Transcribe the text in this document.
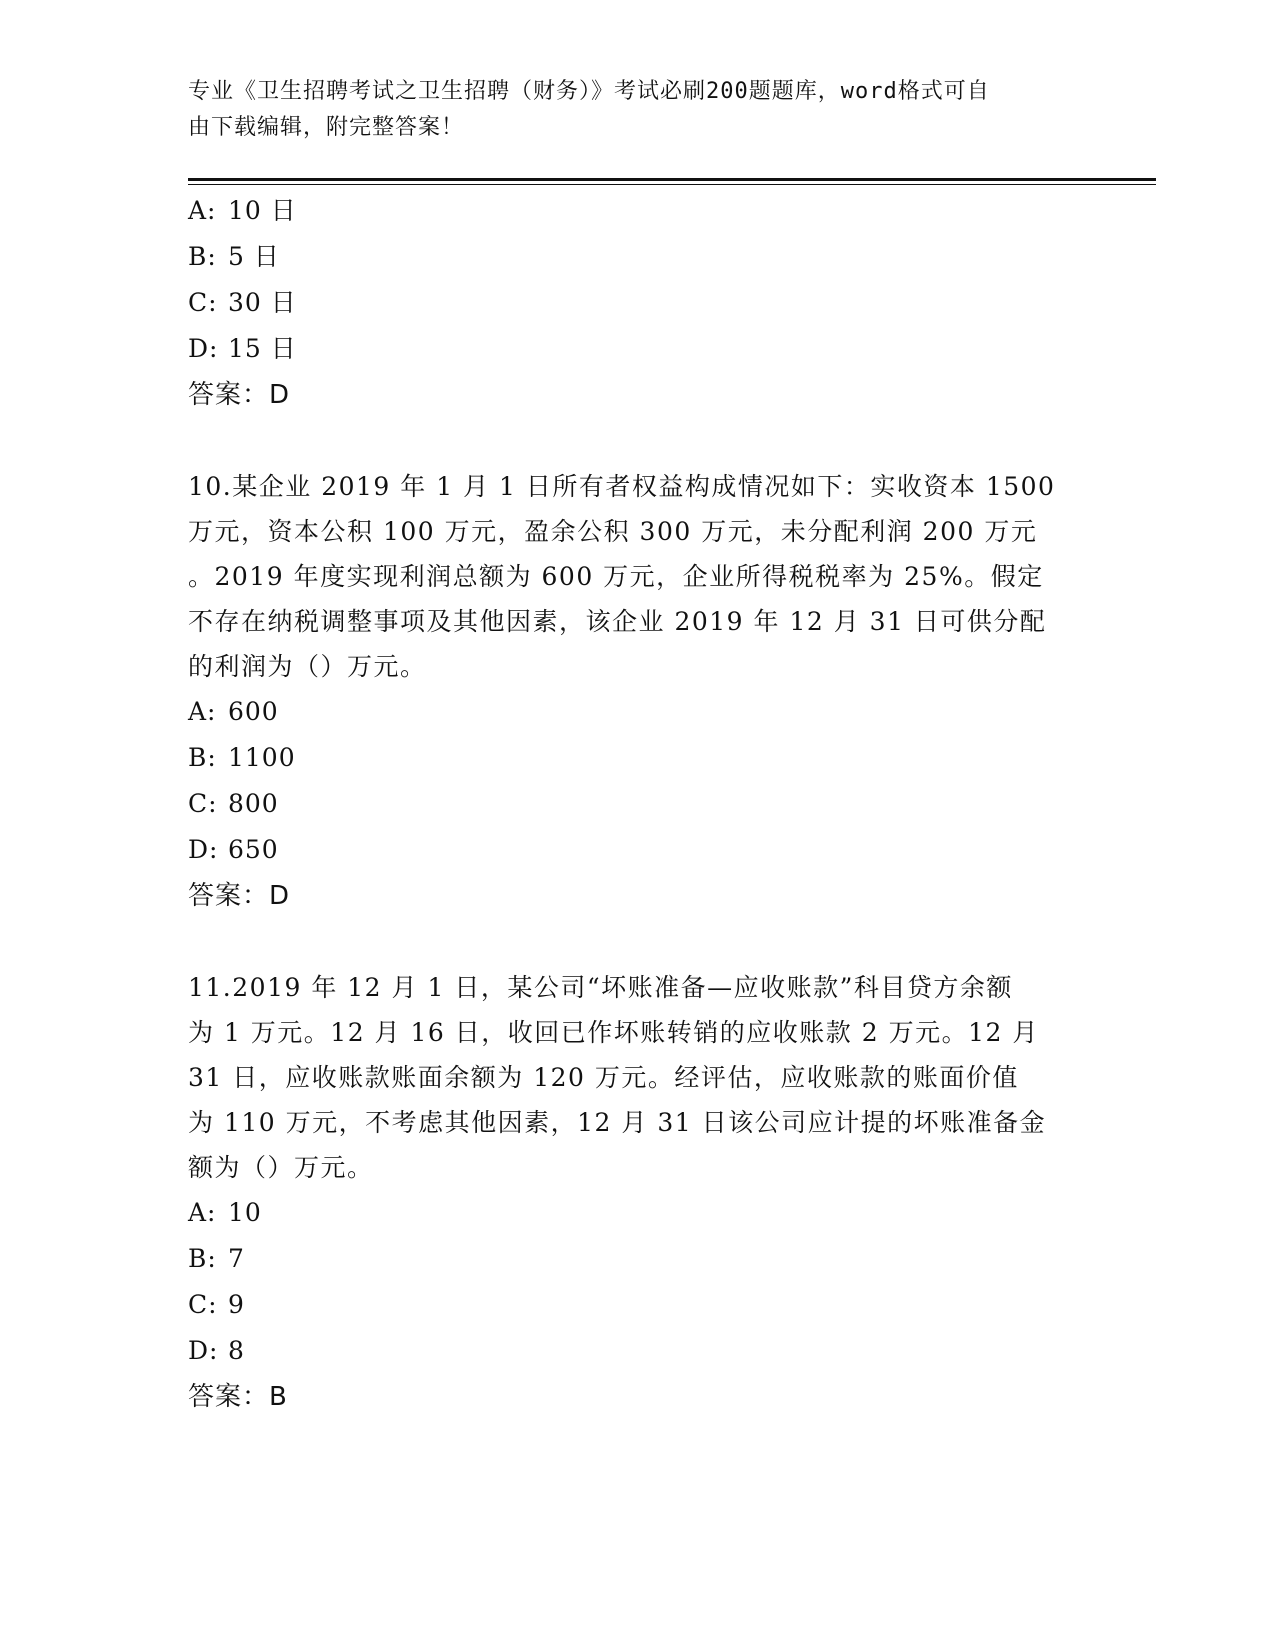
专业《卫生招聘考试之卫生招聘（财务）》考试必刷200题题库，word格式可自
由下载编辑，附完整答案！
A: 10 日
B: 5 日
C: 30 日
D: 15 日
答案：D
10.某企业 2019 年 1 月 1 日所有者权益构成情况如下：实收资本 1500
万元，资本公积 100 万元，盈余公积 300 万元，未分配利润 200 万元
。2019 年度实现利润总额为 600 万元，企业所得税税率为 25%。假定
不存在纳税调整事项及其他因素，该企业 2019 年 12 月 31 日可供分配
的利润为（）万元。
A: 600
B: 1100
C: 800
D: 650
答案：D
11.2019 年 12 月 1 日，某公司“坏账准备—应收账款”科目贷方余额
为 1 万元。12 月 16 日，收回已作坏账转销的应收账款 2 万元。12 月
31 日，应收账款账面余额为 120 万元。经评估，应收账款的账面价值
为 110 万元，不考虑其他因素，12 月 31 日该公司应计提的坏账准备金
额为（）万元。
A: 10
B: 7
C: 9
D: 8
答案：B
